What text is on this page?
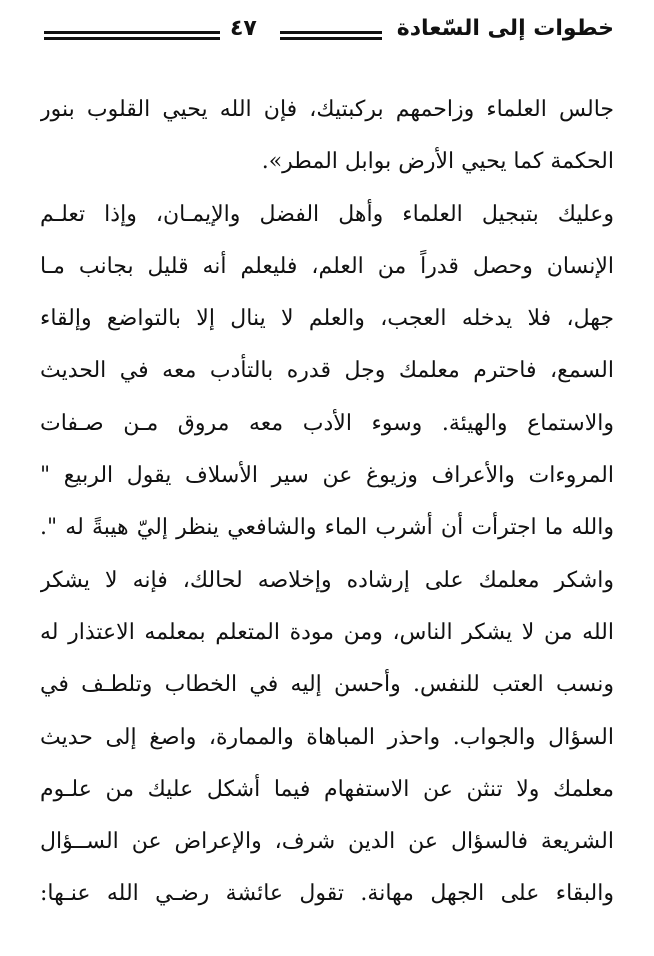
خطوات إلى السّعادة
٤٧
جالس العلماء وزاحمهم بركبتيك، فإن الله يحيي القلوب بنور
الحكمة كما يحيي الأرض بوابل المطر».
وعليك بتبجيل العلماء وأهل الفضل والإيمـان، وإذا تعلـم
الإنسان وحصل قدراً من العلم، فليعلم أنه قليل بجانب مـا
جهل، فلا يدخله العجب، والعلم لا ينال إلا بالتواضع وإلقاء
السمع، فاحترم معلمك وجل قدره بالتأدب معه في الحديث
والاستماع والهيئة. وسوء الأدب معه مروق مـن صـفات
المروءات والأعراف وزيوغ عن سير الأسلاف يقول الربيع "
والله ما اجترأت أن أشرب الماء والشافعي ينظر إليّ هيبةً له ".
واشكر معلمك على إرشاده وإخلاصه لحالك، فإنه لا يشكر
الله من لا يشكر الناس، ومن مودة المتعلم بمعلمه الاعتذار له
ونسب العتب للنفس. وأحسن إليه في الخطاب وتلطـف في
السؤال والجواب. واحذر المباهاة والممارة، واصغ إلى حديث
معلمك ولا تنثن عن الاستفهام فيما أشكل عليك من علـوم
الشريعة فالسؤال عن الدين شرف، والإعراض عن الســؤال
والبقاء على الجهل مهانة. تقول عائشة رضـي الله عنـها:
